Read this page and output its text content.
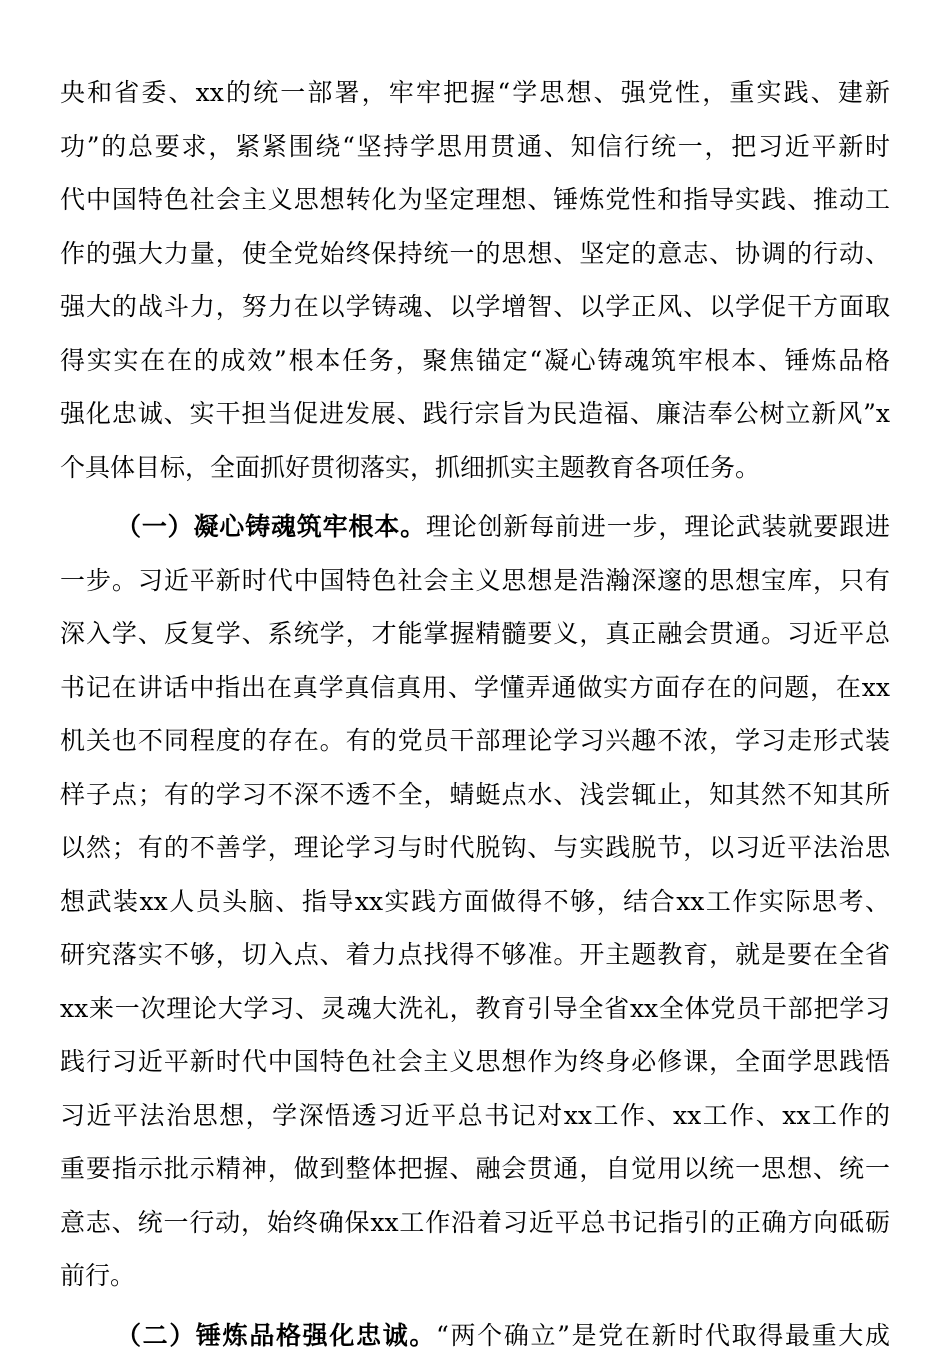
央和省委、xx的统一部署，牢牢把握“学思想、强党性，重实践、建新
功”的总要求，紧紧围绕“坚持学思用贯通、知信行统一，把习近平新时
代中国特色社会主义思想转化为坚定理想、锤炼党性和指导实践、推动工
作的强大力量，使全党始终保持统一的思想、坚定的意志、协调的行动、
强大的战斗力，努力在以学铸魂、以学增智、以学正风、以学促干方面取
得实实在在的成效”根本任务，聚焦锚定“凝心铸魂筑牢根本、锤炼品格
强化忠诚、实干担当促进发展、践行宗旨为民造福、廉洁奉公树立新风”x
个具体目标，全面抓好贯彻落实，抓细抓实主题教育各项任务。
（一）凝心铸魂筑牢根本。理论创新每前进一步，理论武装就要跟进
一步。习近平新时代中国特色社会主义思想是浩瀚深邃的思想宝库，只有
深入学、反复学、系统学，才能掌握精髓要义，真正融会贯通。习近平总
书记在讲话中指出在真学真信真用、学懂弄通做实方面存在的问题，在xx
机关也不同程度的存在。有的党员干部理论学习兴趣不浓，学习走形式装
样子点；有的学习不深不透不全，蜻蜓点水、浅尝辄止，知其然不知其所
以然；有的不善学，理论学习与时代脱钩、与实践脱节，以习近平法治思
想武装xx人员头脑、指导xx实践方面做得不够，结合xx工作实际思考、
研究落实不够，切入点、着力点找得不够准。开主题教育，就是要在全省
xx来一次理论大学习、灵魂大洗礼，教育引导全省xx全体党员干部把学习
践行习近平新时代中国特色社会主义思想作为终身必修课，全面学思践悟
习近平法治思想，学深悟透习近平总书记对xx工作、xx工作、xx工作的
重要指示批示精神，做到整体把握、融会贯通，自觉用以统一思想、统一
意志、统一行动，始终确保xx工作沿着习近平总书记指引的正确方向砥砺
前行。
（二）锤炼品格强化忠诚。“两个确立”是党在新时代取得最重大成
